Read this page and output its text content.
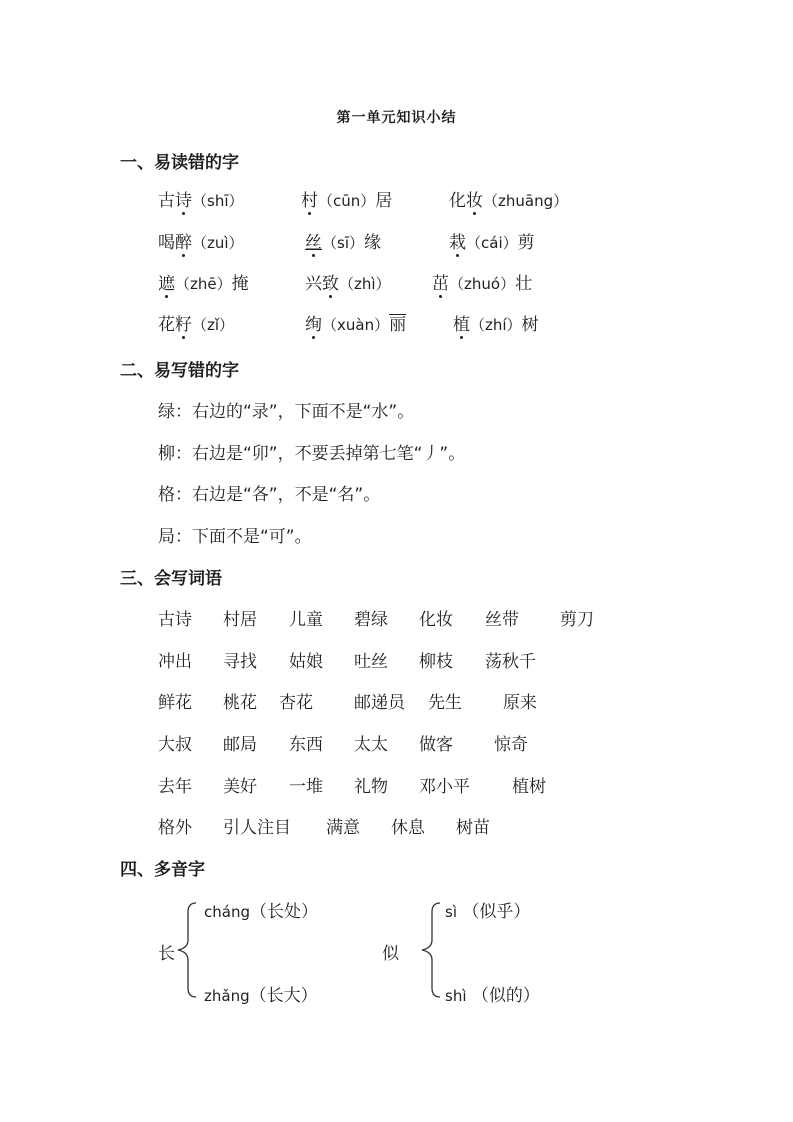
第一单元知识小结
一、易读错的字
古诗（shī）	村（cūn）居	化妆（zhuāng）
喝醉（zuì）	丝（sī）缘	栽（cái）剪
遮（zhē）掩	兴致（zhì） 茁（zhuó）壮
花籽（zǐ）	绚（xuàn）丽	植（zhí）树
二、易写错的字
绿：右边的“录”，下面不是“水”。
柳：右边是“卯”，不要丢掉第七笔“丿”。
格：右边是“各”，不是“名”。
局：下面不是“可”。
三、会写词语
古诗 村居 儿童 碧绿 化妆 丝带 剪刀
冲出 寻找 姑娘 吐丝 柳枝 荡秋千
鲜花 桃花 杏花 邮递员 先生 原来
大叔 邮局 东西 太太 做客 惊奇
去年 美好 一堆 礼物 邓小平 植树
格外 引人注目 满意 休息 树苗
四、多音字
长
cháng（长处）
zhǎng（长大）
似
sì （似乎）
shì （似的）
